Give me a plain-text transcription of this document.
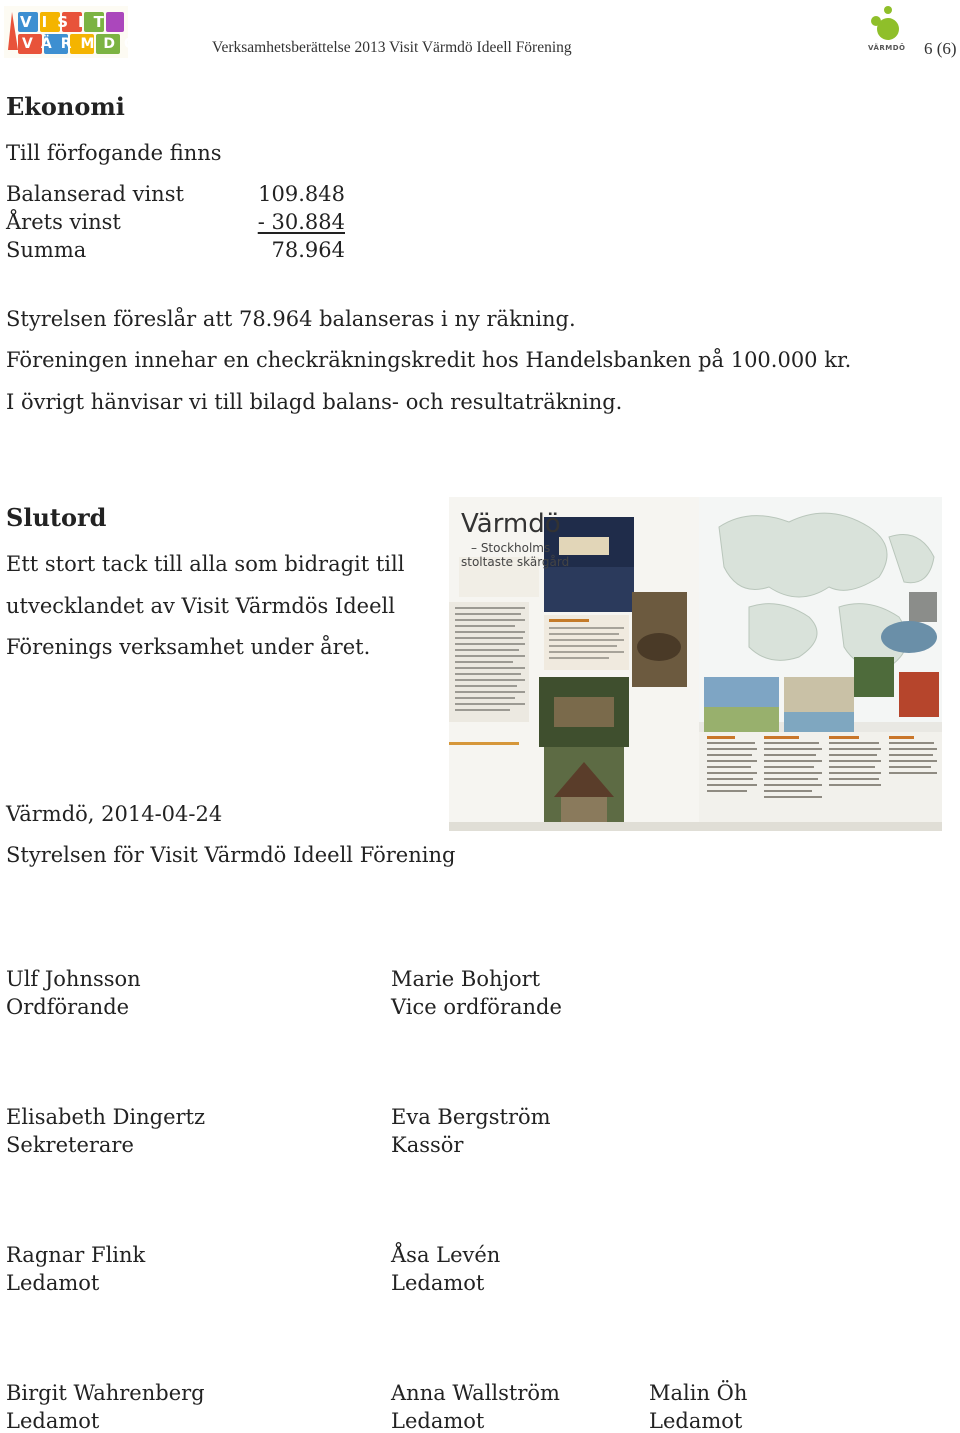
VISIT
VÄRMDÖ	Verksamhetsberättelse 2013 Visit Värmdö Ideell Förening	VÄRMDÖ 6 (6)
Ekonomi
Till förfogande finns
Balanserad vinst	109.848
Årets vinst	- 30.884
Summa	78.964
Styrelsen föreslår att 78.964 balanseras i ny räkning.
Föreningen innehar en checkräkningskredit hos Handelsbanken på 100.000 kr.
I övrigt hänvisar vi till bilagd balans- och resultaträkning.
Slutord
Ett stort tack till alla som bidragit till
utvecklandet av Visit Värmdös Ideell
Förenings verksamhet under året.
Värmdö, 2014-04-24
Styrelsen för Visit Värmdö Ideell Förening
Värmdö
– Stockholms
stoltaste skärgård
Ulf Johnsson
Ordförande
Marie Bohjort
Vice ordförande
Elisabeth Dingertz
Sekreterare
Eva Bergström
Kassör
Ragnar Flink
Ledamot
Åsa Levén
Ledamot
Birgit Wahrenberg
Ledamot
Anna Wallström
Ledamot
Malin Öh
Ledamot
